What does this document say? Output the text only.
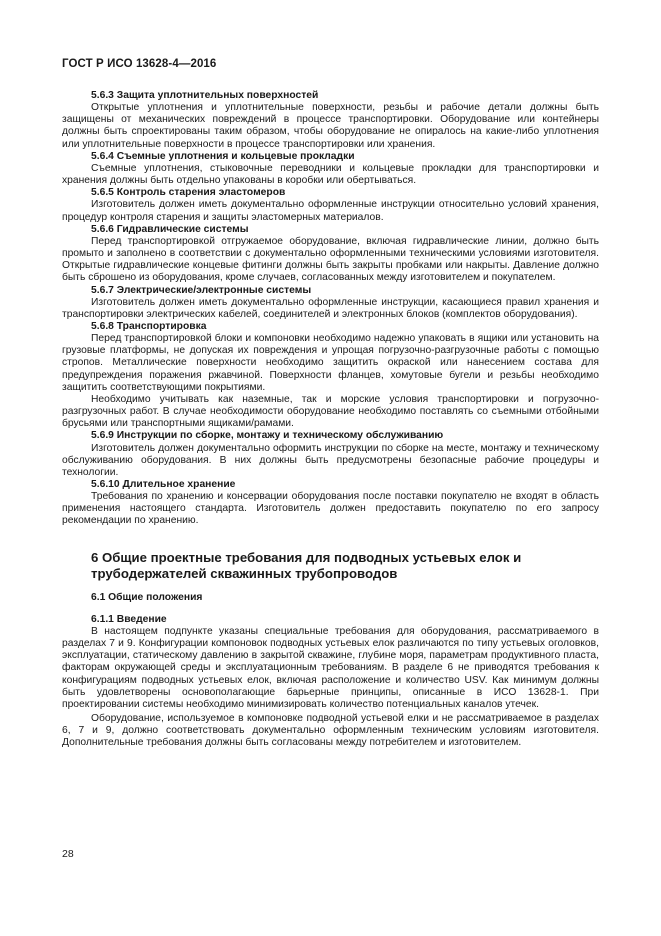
ГОСТ Р ИСО 13628-4—2016

5.6.3 Защита уплотнительных поверхностей

Открытые уплотнения и уплотнительные поверхности, резьбы и рабочие детали должны быть защищены от механических повреждений в процессе транспортировки. Оборудование или контейнеры должны быть спроектированы таким образом, чтобы оборудование не опиралось на какие-либо уплотнения или уплотнительные поверхности в процессе транспортировки или хранения.

5.6.4 Съемные уплотнения и кольцевые прокладки

Съемные уплотнения, стыковочные переводники и кольцевые прокладки для транспортировки и хранения должны быть отдельно упакованы в коробки или обертываться.

5.6.5 Контроль старения эластомеров

Изготовитель должен иметь документально оформленные инструкции относительно условий хранения, процедур контроля старения и защиты эластомерных материалов.

5.6.6 Гидравлические системы

Перед транспортировкой отгружаемое оборудование, включая гидравлические линии, должно быть промыто и заполнено в соответствии с документально оформленными техническими условиями изготовителя. Открытые гидравлические концевые фитинги должны быть закрыты пробками или накрыты. Давление должно быть сброшено из оборудования, кроме случаев, согласованных между изготовителем и покупателем.

5.6.7 Электрические/электронные системы

Изготовитель должен иметь документально оформленные инструкции, касающиеся правил хранения и транспортировки электрических кабелей, соединителей и электронных блоков (комплектов оборудования).

5.6.8 Транспортировка

Перед транспортировкой блоки и компоновки необходимо надежно упаковать в ящики или установить на грузовые платформы, не допуская их повреждения и упрощая погрузочно-разгрузочные работы с помощью стропов. Металлические поверхности необходимо защитить окраской или нанесением состава для предупреждения поражения ржавчиной. Поверхности фланцев, хомутовые бугели и резьбы необходимо защитить соответствующими покрытиями.

Необходимо учитывать как наземные, так и морские условия транспортировки и погрузочно-разгрузочных работ. В случае необходимости оборудование необходимо поставлять со съемными отбойными брусьями или транспортными ящиками/рамами.

5.6.9 Инструкции по сборке, монтажу и техническому обслуживанию

Изготовитель должен документально оформить инструкции по сборке на месте, монтажу и техническому обслуживанию оборудования. В них должны быть предусмотрены безопасные рабочие процедуры и технологии.

5.6.10 Длительное хранение

Требования по хранению и консервации оборудования после поставки покупателю не входят в область применения настоящего стандарта. Изготовитель должен предоставить покупателю по его запросу рекомендации по хранению.

6 Общие проектные требования для подводных устьевых елок и трубодержателей скважинных трубопроводов
6.1 Общие положения

6.1.1 Введение

В настоящем подпункте указаны специальные требования для оборудования, рассматриваемого в разделах 7 и 9. Конфигурации компоновок подводных устьевых елок различаются по типу устьевых оголовков, эксплуатации, статическому давлению в закрытой скважине, глубине моря, параметрам продуктивного пласта, факторам окружающей среды и эксплуатационным требованиям. В разделе 6 не приводятся требования к конфигурациям подводных устьевых елок, включая расположение и количество USV. Как минимум должны быть удовлетворены основополагающие барьерные принципы, описанные в ИСО 13628-1. При проектировании системы необходимо минимизировать количество потенциальных каналов утечек.

Оборудование, используемое в компоновке подводной устьевой елки и не рассматриваемое в разделах 6, 7 и 9, должно соответствовать документально оформленным техническим условиям изготовителя. Дополнительные требования должны быть согласованы между потребителем и изготовителем.

28
